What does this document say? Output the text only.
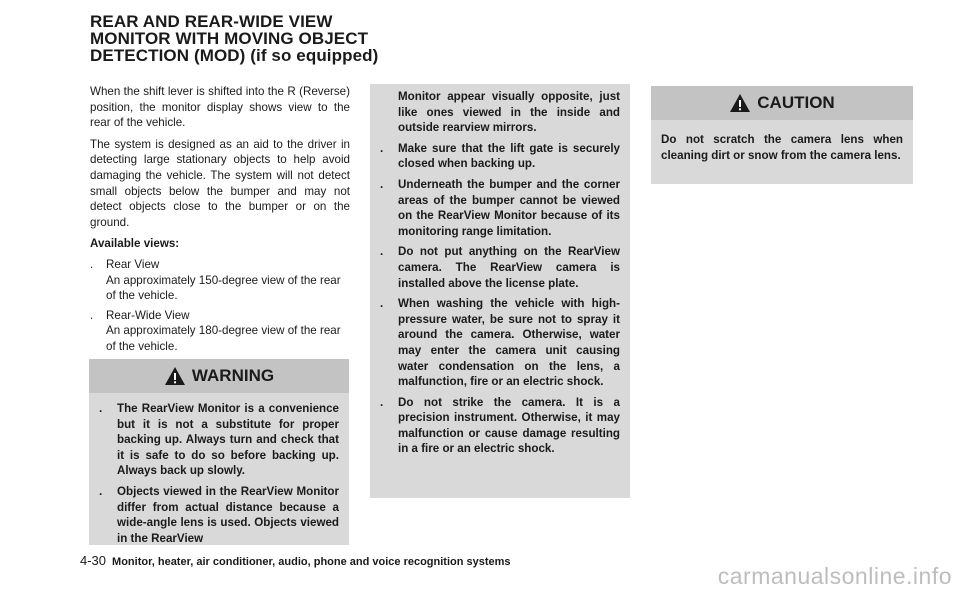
REAR AND REAR-WIDE VIEW
MONITOR WITH MOVING OBJECT
DETECTION (MOD) (if so equipped)

When the shift lever is shifted into the R (Reverse) position, the monitor display shows view to the rear of the vehicle.

The system is designed as an aid to the driver in detecting large stationary objects to help avoid damaging the vehicle. The system will not detect small objects below the bumper and may not detect objects close to the bumper or on the ground.

Available views:

.	Rear View
An approximately 150-degree view of the rear of the vehicle.
.	Rear-Wide View
An approximately 180-degree view of the rear of the vehicle.
WARNING
.	The RearView Monitor is a convenience but it is not a substitute for proper backing up. Always turn and check that it is safe to do so before backing up. Always back up slowly.
.	Objects viewed in the RearView Monitor differ from actual distance because a wide-angle lens is used. Objects viewed in the RearView
Monitor appear visually opposite, just like ones viewed in the inside and outside rearview mirrors.
.	Make sure that the lift gate is securely closed when backing up.
.	Underneath the bumper and the corner areas of the bumper cannot be viewed on the RearView Monitor because of its monitoring range limitation.
.	Do not put anything on the RearView camera. The RearView camera is installed above the license plate.
.	When washing the vehicle with high-pressure water, be sure not to spray it around the camera. Otherwise, water may enter the camera unit causing water condensation on the lens, a malfunction, fire or an electric shock.
.	Do not strike the camera. It is a precision instrument. Otherwise, it may malfunction or cause damage resulting in a fire or an electric shock.
CAUTION
Do not scratch the camera lens when cleaning dirt or snow from the camera lens.
4-30 Monitor, heater, air conditioner, audio, phone and voice recognition systems
carmanualsonline.info
